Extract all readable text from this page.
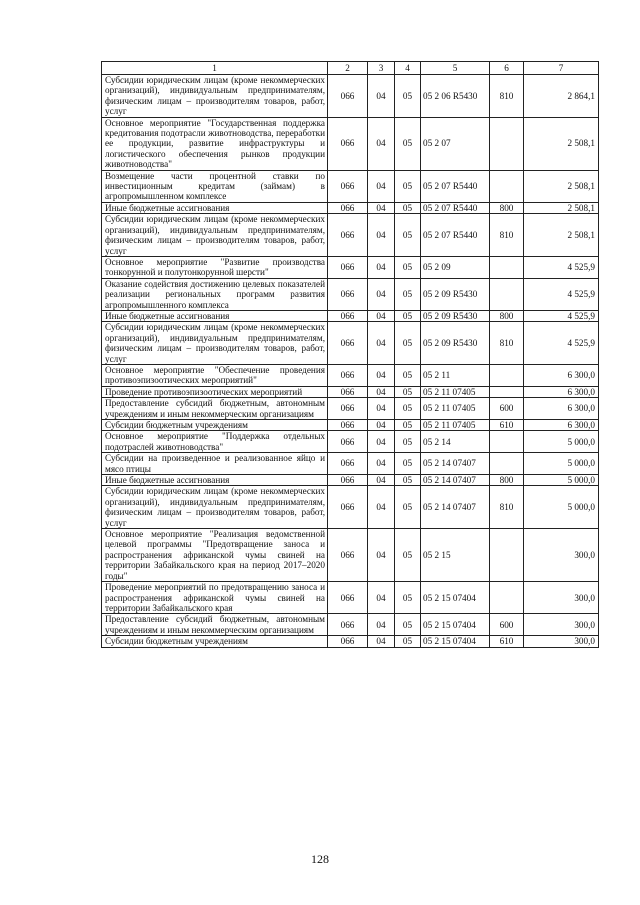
1	2	3	4	5	6	7
Субсидии юридическим лицам (кроме некоммерческих организаций), индивидуальным предпринимателям, физическим лицам – производителям товаров, работ, услуг	066	04	05	05 2 06 R5430	810	2 864,1
Основное мероприятие "Государственная поддержка кредитования подотрасли животноводства, переработки ее продукции, развитие инфраструктуры и логистического обеспечения рынков продукции животноводства"	066	04	05	05 2 07		2 508,1
Возмещение части процентной ставки по инвестиционным кредитам (займам) в агропромышленном комплексе	066	04	05	05 2 07 R5440		2 508,1
Иные бюджетные ассигнования	066	04	05	05 2 07 R5440	800	2 508,1
Субсидии юридическим лицам (кроме некоммерческих организаций), индивидуальным предпринимателям, физическим лицам – производителям товаров, работ, услуг	066	04	05	05 2 07 R5440	810	2 508,1
Основное мероприятие "Развитие производства тонкорунной и полутонкорунной шерсти"	066	04	05	05 2 09		4 525,9
Оказание содействия достижению целевых показателей реализации региональных программ развития агропромышленного комплекса	066	04	05	05 2 09 R5430		4 525,9
Иные бюджетные ассигнования	066	04	05	05 2 09 R5430	800	4 525,9
Субсидии юридическим лицам (кроме некоммерческих организаций), индивидуальным предпринимателям, физическим лицам – производителям товаров, работ, услуг	066	04	05	05 2 09 R5430	810	4 525,9
Основное мероприятие "Обеспечение проведения противоэпизоотических мероприятий"	066	04	05	05 2 11		6 300,0
Проведение противоэпизоотических мероприятий	066	04	05	05 2 11 07405		6 300,0
Предоставление субсидий бюджетным, автономным учреждениям и иным некоммерческим организациям	066	04	05	05 2 11 07405	600	6 300,0
Субсидии бюджетным учреждениям	066	04	05	05 2 11 07405	610	6 300,0
Основное мероприятие "Поддержка отдельных подотраслей животноводства"	066	04	05	05 2 14		5 000,0
Субсидии на произведенное и реализованное яйцо и мясо птицы	066	04	05	05 2 14 07407		5 000,0
Иные бюджетные ассигнования	066	04	05	05 2 14 07407	800	5 000,0
Субсидии юридическим лицам (кроме некоммерческих организаций), индивидуальным предпринимателям, физическим лицам – производителям товаров, работ, услуг	066	04	05	05 2 14 07407	810	5 000,0
Основное мероприятие "Реализация ведомственной целевой программы "Предотвращение заноса и распространения африканской чумы свиней на территории Забайкальского края на период 2017–2020 годы"	066	04	05	05 2 15		300,0
Проведение мероприятий по предотвращению заноса и распространения африканской чумы свиней на территории Забайкальского края	066	04	05	05 2 15 07404		300,0
Предоставление субсидий бюджетным, автономным учреждениям и иным некоммерческим организациям	066	04	05	05 2 15 07404	600	300,0
Субсидии бюджетным учреждениям	066	04	05	05 2 15 07404	610	300,0
128
